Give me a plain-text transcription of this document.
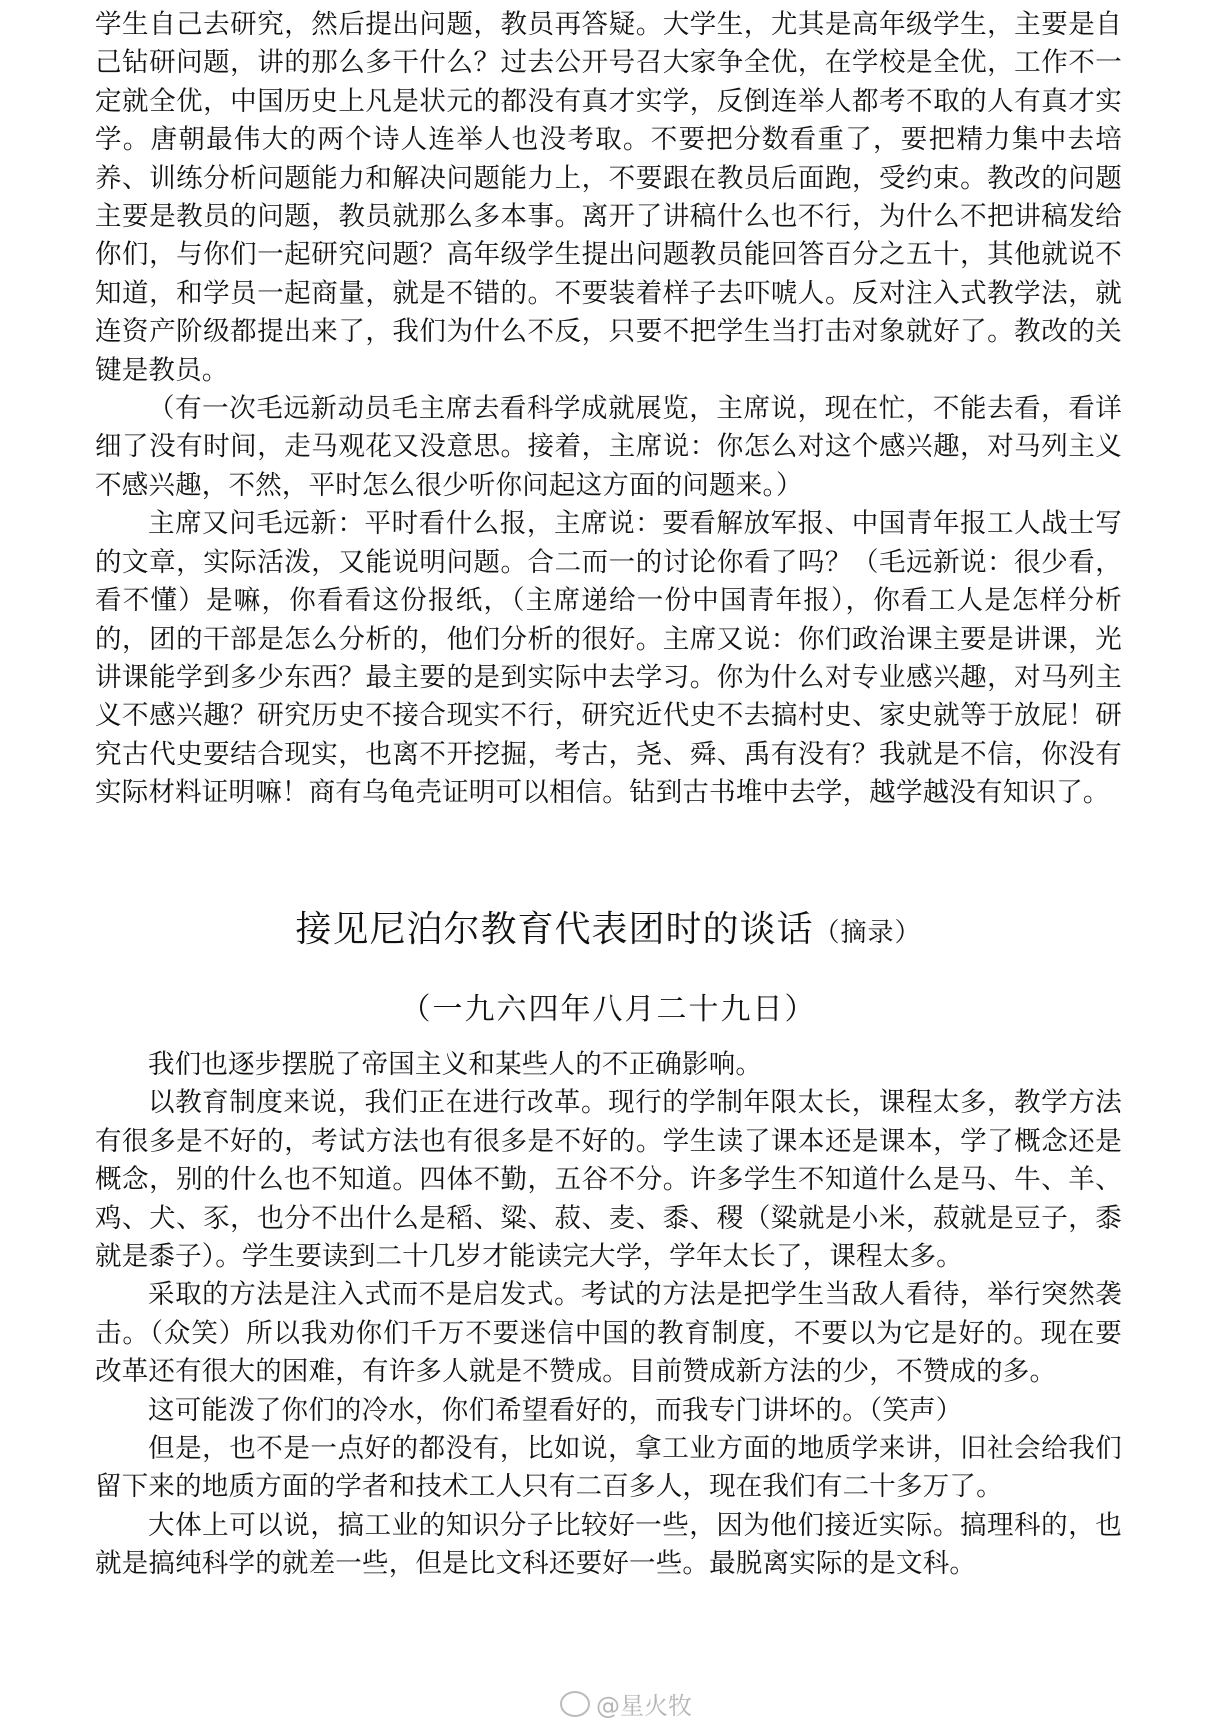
学生自己去研究，然后提出问题，教员再答疑。大学生，尤其是高年级学生，主要是自己钻研问题，讲的那么多干什么？过去公开号召大家争全优，在学校是全优，工作不一定就全优，中国历史上凡是状元的都没有真才实学，反倒连举人都考不取的人有真才实学。唐朝最伟大的两个诗人连举人也没考取。不要把分数看重了，要把精力集中去培养、训练分析问题能力和解决问题能力上，不要跟在教员后面跑，受约束。教改的问题主要是教员的问题，教员就那么多本事。离开了讲稿什么也不行，为什么不把讲稿发给你们，与你们一起研究问题？高年级学生提出问题教员能回答百分之五十，其他就说不知道，和学员一起商量，就是不错的。不要装着样子去吓唬人。反对注入式教学法，就连资产阶级都提出来了，我们为什么不反，只要不把学生当打击对象就好了。教改的关键是教员。

（有一次毛远新动员毛主席去看科学成就展览，主席说，现在忙，不能去看，看详细了没有时间，走马观花又没意思。接着，主席说：你怎么对这个感兴趣，对马列主义不感兴趣，不然，平时怎么很少听你问起这方面的问题来。）

主席又问毛远新：平时看什么报，主席说：要看解放军报、中国青年报工人战士写的文章，实际活泼，又能说明问题。合二而一的讨论你看了吗？（毛远新说：很少看，看不懂）是嘛，你看看这份报纸，（主席递给一份中国青年报），你看工人是怎样分析的，团的干部是怎么分析的，他们分析的很好。主席又说：你们政治课主要是讲课，光讲课能学到多少东西？最主要的是到实际中去学习。你为什么对专业感兴趣，对马列主义不感兴趣？研究历史不接合现实不行，研究近代史不去搞村史、家史就等于放屁！研究古代史要结合现实，也离不开挖掘，考古，尧、舜、禹有没有？我就是不信，你没有实际材料证明嘛！商有乌龟壳证明可以相信。钻到古书堆中去学，越学越没有知识了。

接见尼泊尔教育代表团时的谈话（摘录）
（一九六四年八月二十九日）

我们也逐步摆脱了帝国主义和某些人的不正确影响。

以教育制度来说，我们正在进行改革。现行的学制年限太长，课程太多，教学方法有很多是不好的，考试方法也有很多是不好的。学生读了课本还是课本，学了概念还是概念，别的什么也不知道。四体不勤，五谷不分。许多学生不知道什么是马、牛、羊、鸡、犬、豕，也分不出什么是稻、粱、菽、麦、黍、稷（粱就是小米，菽就是豆子，黍就是黍子）。学生要读到二十几岁才能读完大学，学年太长了，课程太多。

采取的方法是注入式而不是启发式。考试的方法是把学生当敌人看待，举行突然袭击。（众笑）所以我劝你们千万不要迷信中国的教育制度，不要以为它是好的。现在要改革还有很大的困难，有许多人就是不赞成。目前赞成新方法的少，不赞成的多。

这可能泼了你们的冷水，你们希望看好的，而我专门讲坏的。（笑声）

但是，也不是一点好的都没有，比如说，拿工业方面的地质学来讲，旧社会给我们留下来的地质方面的学者和技术工人只有二百多人，现在我们有二十多万了。

大体上可以说，搞工业的知识分子比较好一些，因为他们接近实际。搞理科的，也就是搞纯科学的就差一些，但是比文科还要好一些。最脱离实际的是文科。

@星火牧
